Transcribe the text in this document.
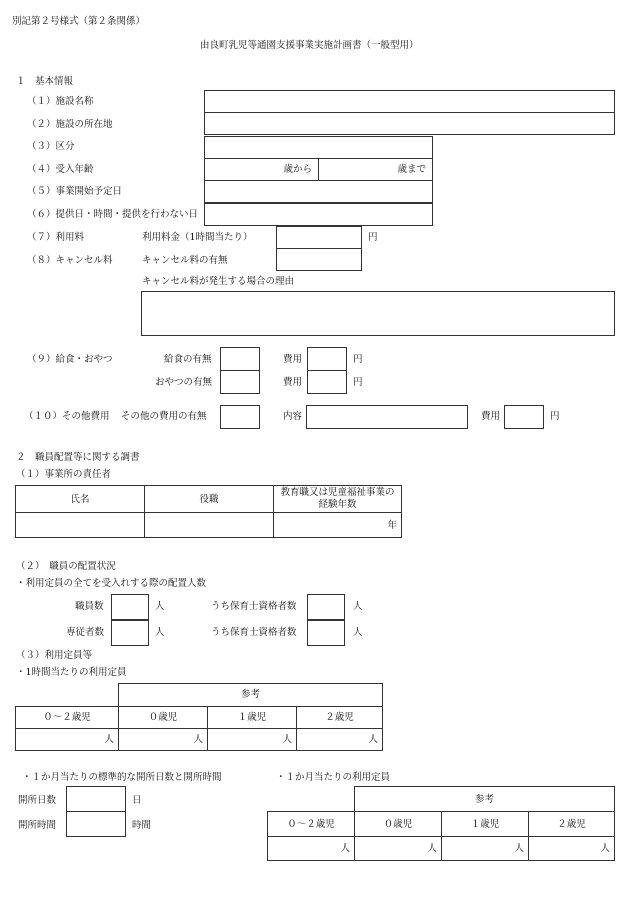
別記第２号様式（第２条関係）
由良町乳児等通園支援事業実施計画書（一般型用）
１　基本情報
（１）施設名称
（２）施設の所在地
（３）区分
（４）受入年齢	歳から	歳まで
（５）事業開始予定日
（６）提供日・時間・提供を行わない日
（７）利用料	利用料金（1時間当たり）	円
（８）キャンセル料	キャンセル料の有無
キャンセル料が発生する場合の理由
（９）給食・おやつ	給食の有無	費用	円
おやつの有無	費用	円
（１０）その他費用 その他の費用の有無	内容	費用	円
２　職員配置等に関する調書
（１）事業所の責任者
氏名	役職	教育職又は児童福祉事業の経験年数
		年
（２）　職員の配置状況
・利用定員の全てを受入れする際の配置人数
職員数	人	うち保育士資格者数	人
専従者数	人	うち保育士資格者数	人
（３）利用定員等
・1時間当たりの利用定員
参考
０～２歳児	０歳児	１歳児	２歳児
人	人	人	人
・１か月当たりの標準的な開所日数と開所時間
開所日数	日
開所時間	時間
・１か月当たりの利用定員
参考
０～２歳児	０歳児	１歳児	２歳児
人	人	人	人
